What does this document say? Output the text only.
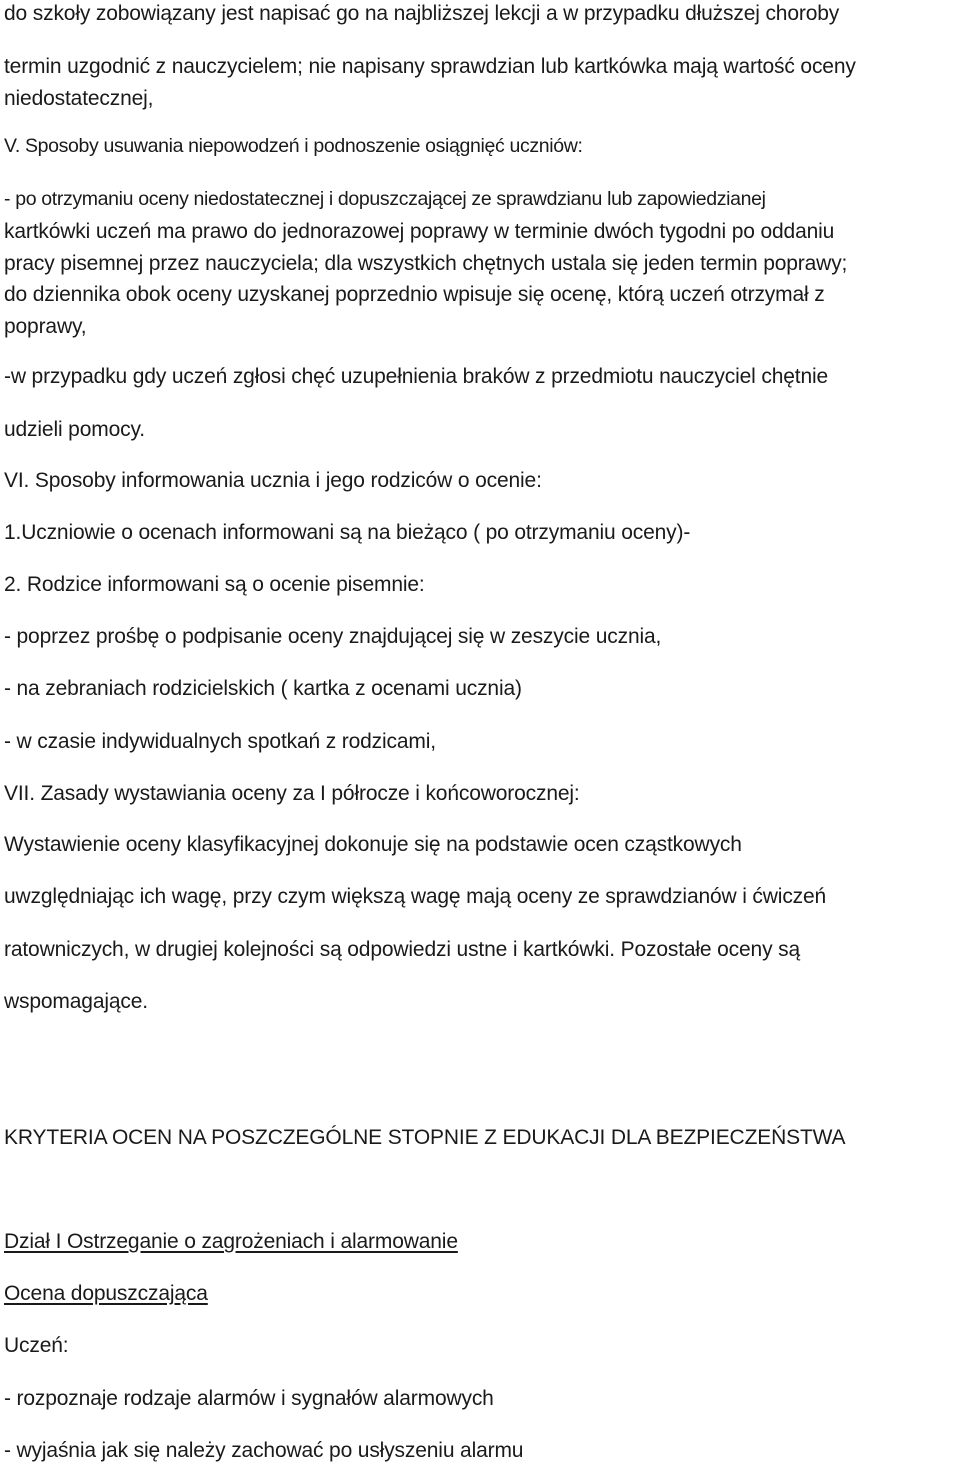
do szkoły zobowiązany jest napisać go na najbliższej lekcji a w przypadku dłuższej choroby
termin uzgodnić z nauczycielem; nie napisany sprawdzian lub kartkówka mają wartość oceny
niedostatecznej,
V. Sposoby usuwania niepowodzeń i podnoszenie osiągnięć uczniów:
- po otrzymaniu oceny niedostatecznej i dopuszczającej ze sprawdzianu lub zapowiedzianej
kartkówki uczeń ma prawo do jednorazowej poprawy w terminie dwóch tygodni po oddaniu
pracy pisemnej przez nauczyciela; dla wszystkich chętnych ustala się jeden termin poprawy;
do dziennika obok oceny uzyskanej poprzednio wpisuje się ocenę, którą uczeń otrzymał z
poprawy,
-w przypadku gdy uczeń zgłosi chęć uzupełnienia braków z przedmiotu nauczyciel chętnie
udzieli pomocy.
VI. Sposoby informowania ucznia i jego rodziców o ocenie:
1.Uczniowie o ocenach informowani są na bieżąco ( po otrzymaniu oceny)-
2. Rodzice informowani są o ocenie pisemnie:
- poprzez prośbę o podpisanie oceny znajdującej się w zeszycie ucznia,
- na zebraniach rodzicielskich ( kartka z ocenami ucznia)
- w czasie indywidualnych spotkań z rodzicami,
VII. Zasady wystawiania oceny za I półrocze i końcoworocznej:
Wystawienie oceny klasyfikacyjnej dokonuje się na podstawie ocen cząstkowych
uwzględniając ich wagę, przy czym większą wagę mają oceny ze sprawdzianów i ćwiczeń
ratowniczych, w drugiej kolejności są odpowiedzi ustne i kartkówki. Pozostałe oceny są
wspomagające.
KRYTERIA OCEN NA POSZCZEGÓLNE STOPNIE Z EDUKACJI DLA BEZPIECZEŃSTWA
Dział I Ostrzeganie o zagrożeniach i alarmowanie
Ocena dopuszczająca
Uczeń:
- rozpoznaje rodzaje alarmów i sygnałów alarmowych
- wyjaśnia jak się należy zachować po usłyszeniu alarmu
